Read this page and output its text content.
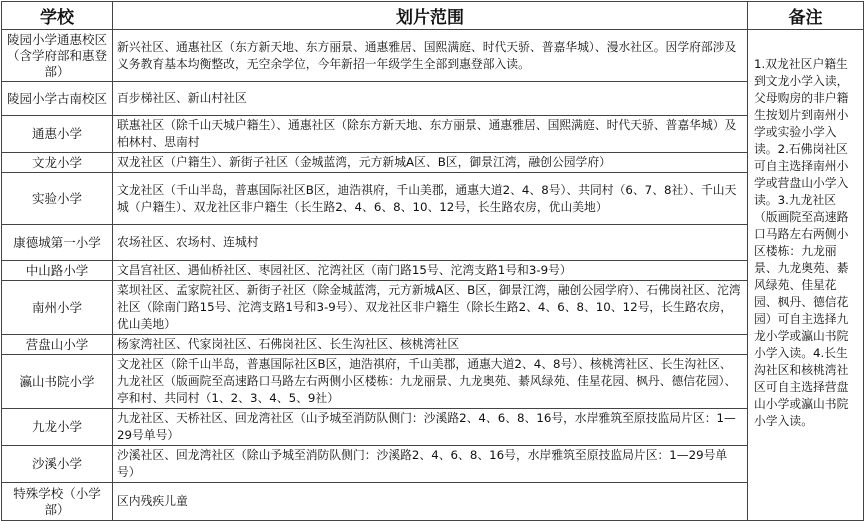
学校	划片范围	备注
陵园小学通惠校区（含学府部和惠登部）	新兴社区、通惠社区（东方新天地、东方丽景、通惠雅居、国熙满庭、时代天骄、普嘉华城）、漫水社区。因学府部涉及义务教育基本均衡整改，无空余学位，今年新招一年级学生全部到惠登部入读。	1.双龙社区户籍生到文龙小学入读，父母购房的非户籍生按划片到南州小学或实验小学入读。2.石佛岗社区可自主选择南州小学或营盘山小学入读。3.九龙社区（版画院至高速路口马路左右两侧小区楼栋：九龙丽景、九龙奥苑、綦风绿苑、佳星花园、枫丹、德信花园）可自主选择九龙小学或瀛山书院小学入读。4.长生沟社区和核桃湾社区可自主选择营盘山小学或瀛山书院小学入读。
陵园小学古南校区	百步梯社区、新山村社区	
通惠小学	联惠社区（除千山天城户籍生）、通惠社区（除东方新天地、东方丽景、通惠雅居、国熙满庭、时代天骄、普嘉华城）及柏林村、思南村	
文龙小学	双龙社区（户籍生）、新街子社区（金城蓝湾，元方新城A区、B区，御景江湾，融创公园学府）	
实验小学	文龙社区（千山半岛，普惠国际社区B区，迪浩祺府，千山美郡，通惠大道2、4、8号）、共同村（6、7、8社）、千山天城（户籍生）、双龙社区非户籍生（长生路2、4、6、8、10、12号，长生路农房，优山美地）	
康德城第一小学	农场社区、农场村、连城村	
中山路小学	文昌宫社区、遇仙桥社区、枣园社区、沱湾社区（南门路15号、沱湾支路1号和3-9号）	
南州小学	菜坝社区、孟家院社区、新街子社区（除金城蓝湾，元方新城A区、B区，御景江湾，融创公园学府）、石佛岗社区、沱湾社区（除南门路15号、沱湾支路1号和3-9号）、双龙社区非户籍生（除长生路2、4、6、8、10、12号，长生路农房，优山美地）	
营盘山小学	杨家湾社区、代家岗社区、石佛岗社区、长生沟社区、核桃湾社区	
瀛山书院小学	文龙社区（除千山半岛，普惠国际社区B区，迪浩祺府，千山美郡，通惠大道2、4、8号）、核桃湾社区、长生沟社区、九龙社区（版画院至高速路口马路左右两侧小区楼栋：九龙丽景、九龙奥苑、綦风绿苑、佳星花园、枫丹、德信花园）、亭和村、共同村（1、2、3、4、5、9社）	
九龙小学	九龙社区、天桥社区、回龙湾社区（山予城至消防队侧门：沙溪路2、4、6、8、16号，水岸雅筑至原技监局片区：1—29号单号）	
沙溪小学	沙溪社区、回龙湾社区（除山予城至消防队侧门：沙溪路2、4、6、8、16号，水岸雅筑至原技监局片区：1—29号单号）	
特殊学校（小学部）	区内残疾儿童	
